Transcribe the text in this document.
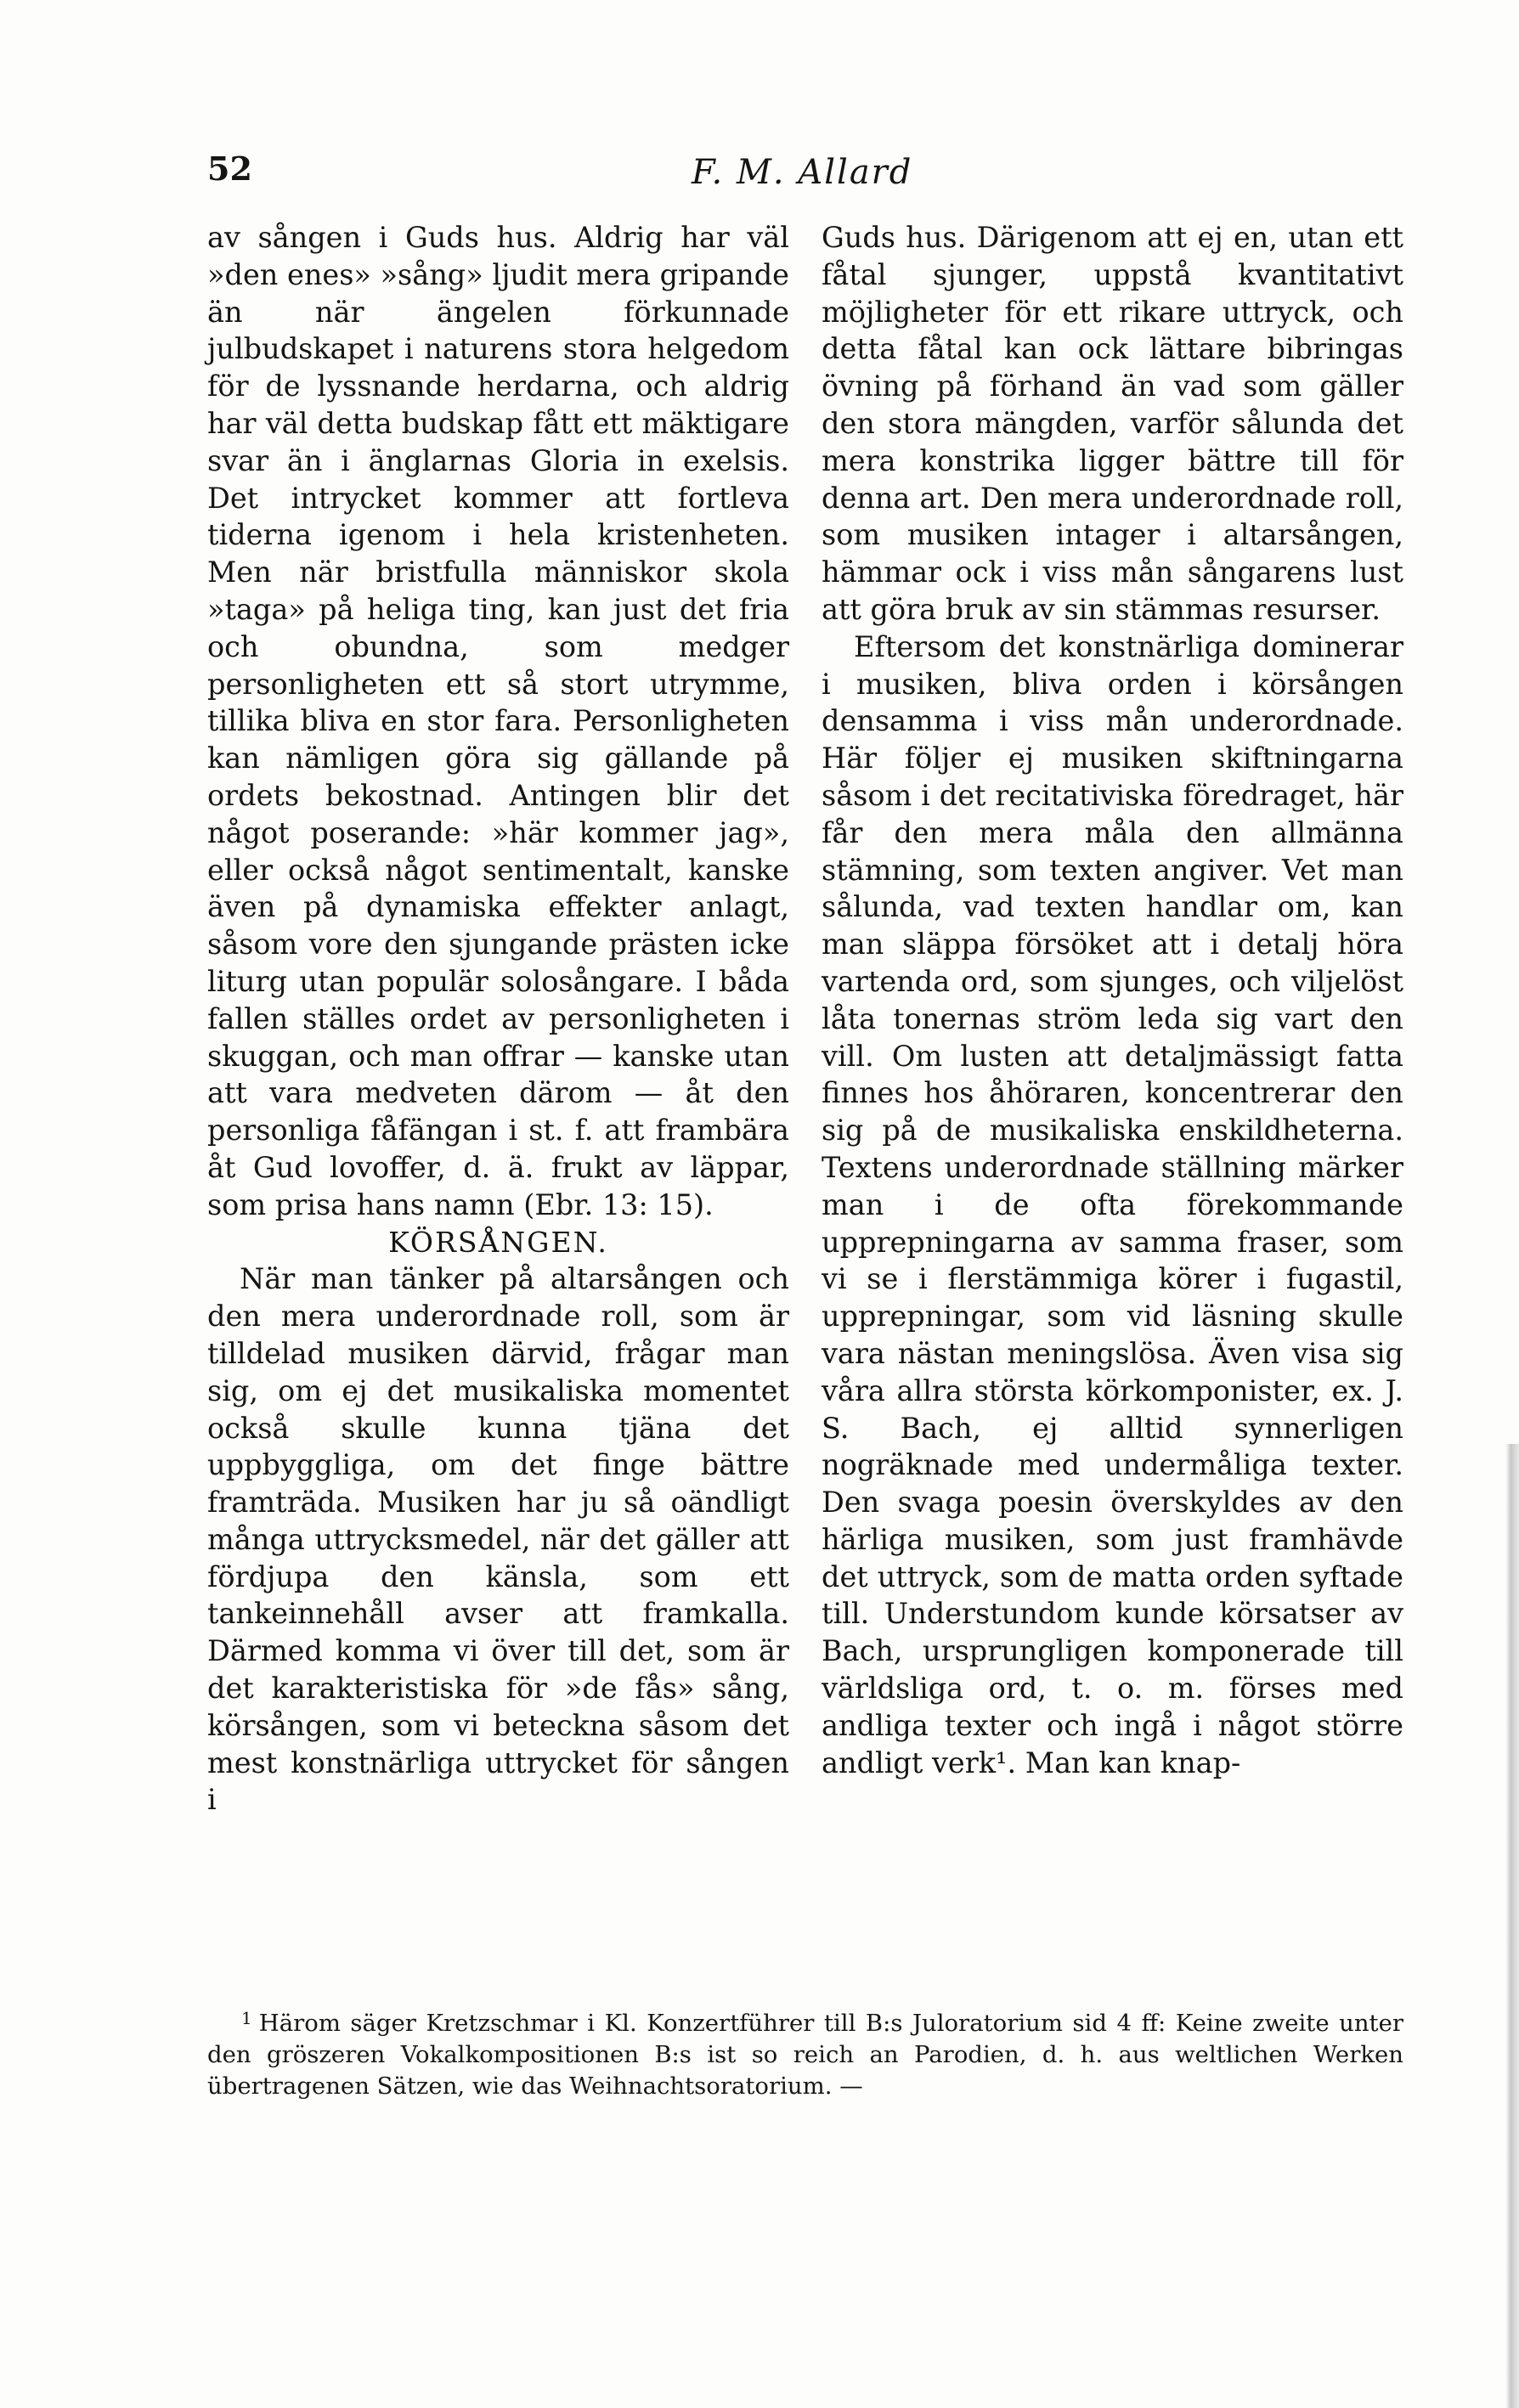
52	F. M. Allard

av sången i Guds hus. Aldrig har väl »den enes» »sång» ljudit mera gripande än när ängelen förkunnade julbudskapet i naturens stora helgedom för de lyssnande herdarna, och aldrig har väl detta budskap fått ett mäktigare svar än i änglarnas Gloria in exelsis. Det intrycket kommer att fortleva tiderna igenom i hela kristenheten. Men när bristfulla människor skola »taga» på heliga ting, kan just det fria och obundna, som medger personligheten ett så stort utrymme, tillika bliva en stor fara. Personligheten kan nämligen göra sig gällande på ordets bekostnad. Antingen blir det något poserande: »här kommer jag», eller också något sentimentalt, kanske även på dynamiska effekter anlagt, såsom vore den sjungande prästen icke liturg utan populär solosångare. I båda fallen ställes ordet av personligheten i skuggan, och man offrar — kanske utan att vara medveten därom — åt den personliga fåfängan i st. f. att frambära åt Gud lovoffer, d. ä. frukt av läppar, som prisa hans namn (Ebr. 13: 15).

KÖRSÅNGEN.

När man tänker på altarsången och den mera underordnade roll, som är tilldelad musiken därvid, frågar man sig, om ej det musikaliska momentet också skulle kunna tjäna det uppbyggliga, om det finge bättre framträda. Musiken har ju så oändligt många uttrycksmedel, när det gäller att fördjupa den känsla, som ett tankeinnehåll avser att framkalla. Därmed komma vi över till det, som är det karakteristiska för »de fås» sång, körsången, som vi beteckna såsom det mest konstnärliga uttrycket för sången i

Guds hus. Därigenom att ej en, utan ett fåtal sjunger, uppstå kvantitativt möjligheter för ett rikare uttryck, och detta fåtal kan ock lättare bibringas övning på förhand än vad som gäller den stora mängden, varför sålunda det mera konstrika ligger bättre till för denna art. Den mera underordnade roll, som musiken intager i altarsången, hämmar ock i viss mån sångarens lust att göra bruk av sin stämmas resurser.

Eftersom det konstnärliga dominerar i musiken, bliva orden i körsången densamma i viss mån underordnade. Här följer ej musiken skiftningarna såsom i det recitativiska föredraget, här får den mera måla den allmänna stämning, som texten angiver. Vet man sålunda, vad texten handlar om, kan man släppa försöket att i detalj höra vartenda ord, som sjunges, och viljelöst låta tonernas ström leda sig vart den vill. Om lusten att detaljmässigt fatta finnes hos åhöraren, koncentrerar den sig på de musikaliska enskildheterna. Textens underordnade ställning märker man i de ofta förekommande upprepningarna av samma fraser, som vi se i flerstämmiga körer i fugastil, upprepningar, som vid läsning skulle vara nästan meningslösa. Även visa sig våra allra största körkomponister, ex. J. S. Bach, ej alltid synnerligen nogräknade med undermåliga texter. Den svaga poesin överskyldes av den härliga musiken, som just framhävde det uttryck, som de matta orden syftade till. Understundom kunde körsatser av Bach, ursprungligen komponerade till världsliga ord, t. o. m. förses med andliga texter och ingå i något större andligt verk¹. Man kan knap-

$^1$ Härom säger Kretzschmar i Kl. Konzertführer till B:s Juloratorium sid 4 ff: Keine zweite unter den gröszeren Vokalkompositionen B:s ist so reich an Parodien, d. h. aus weltlichen Werken übertragenen Sätzen, wie das Weihnachtsoratorium. —
